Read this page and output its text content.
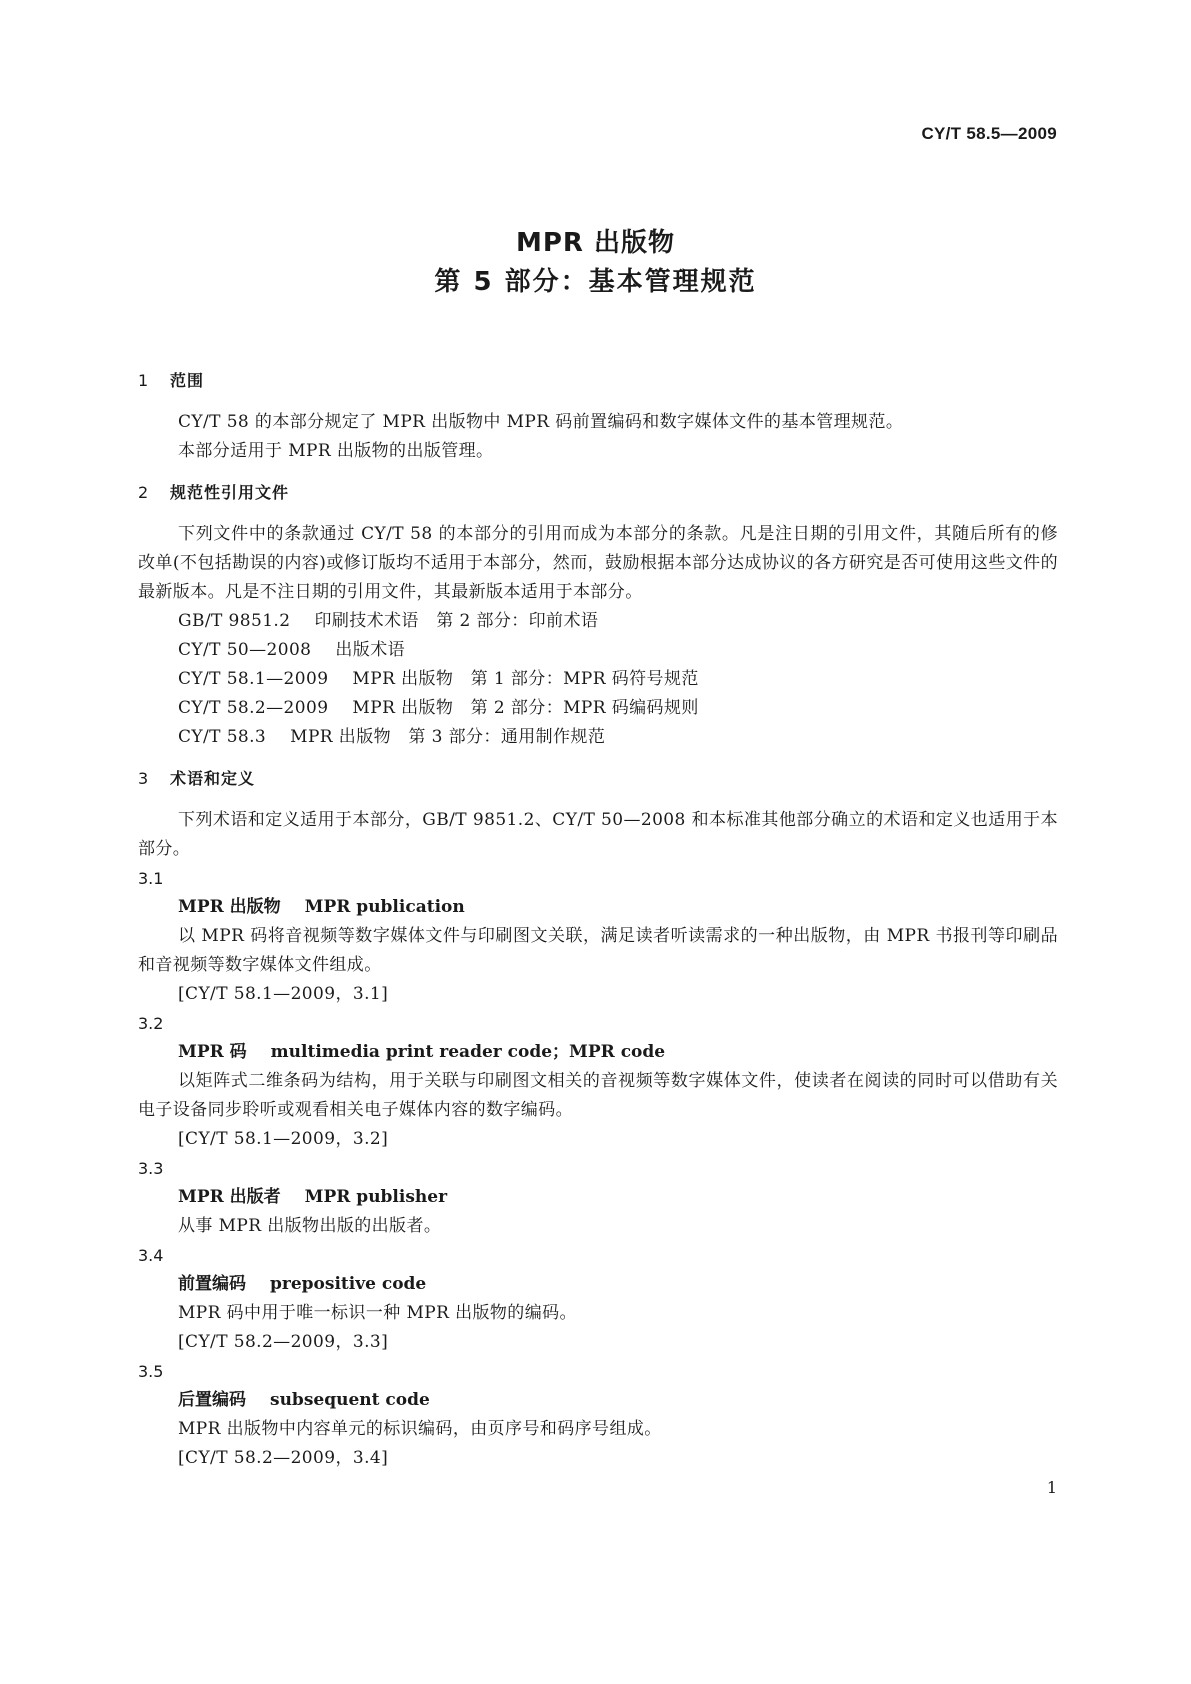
CY/T 58.5—2009
MPR 出版物
第 5 部分：基本管理规范
1 范围
CY/T 58 的本部分规定了 MPR 出版物中 MPR 码前置编码和数字媒体文件的基本管理规范。
本部分适用于 MPR 出版物的出版管理。
2 规范性引用文件
下列文件中的条款通过 CY/T 58 的本部分的引用而成为本部分的条款。凡是注日期的引用文件，其随后所有的修改单(不包括勘误的内容)或修订版均不适用于本部分，然而，鼓励根据本部分达成协议的各方研究是否可使用这些文件的最新版本。凡是不注日期的引用文件，其最新版本适用于本部分。
GB/T 9851.2 印刷技术术语　第 2 部分：印前术语
CY/T 50—2008 出版术语
CY/T 58.1—2009 MPR 出版物　第 1 部分：MPR 码符号规范
CY/T 58.2—2009 MPR 出版物　第 2 部分：MPR 码编码规则
CY/T 58.3 MPR 出版物　第 3 部分：通用制作规范
3 术语和定义
下列术语和定义适用于本部分，GB/T 9851.2、CY/T 50—2008 和本标准其他部分确立的术语和定义也适用于本部分。
3.1
MPR 出版物 MPR publication
以 MPR 码将音视频等数字媒体文件与印刷图文关联，满足读者听读需求的一种出版物，由 MPR 书报刊等印刷品和音视频等数字媒体文件组成。
[CY/T 58.1—2009，3.1]
3.2
MPR 码 multimedia print reader code；MPR code
以矩阵式二维条码为结构，用于关联与印刷图文相关的音视频等数字媒体文件，使读者在阅读的同时可以借助有关电子设备同步聆听或观看相关电子媒体内容的数字编码。
[CY/T 58.1—2009，3.2]
3.3
MPR 出版者 MPR publisher
从事 MPR 出版物出版的出版者。
3.4
前置编码 prepositive code
MPR 码中用于唯一标识一种 MPR 出版物的编码。
[CY/T 58.2—2009，3.3]
3.5
后置编码 subsequent code
MPR 出版物中内容单元的标识编码，由页序号和码序号组成。
[CY/T 58.2—2009，3.4]
1
